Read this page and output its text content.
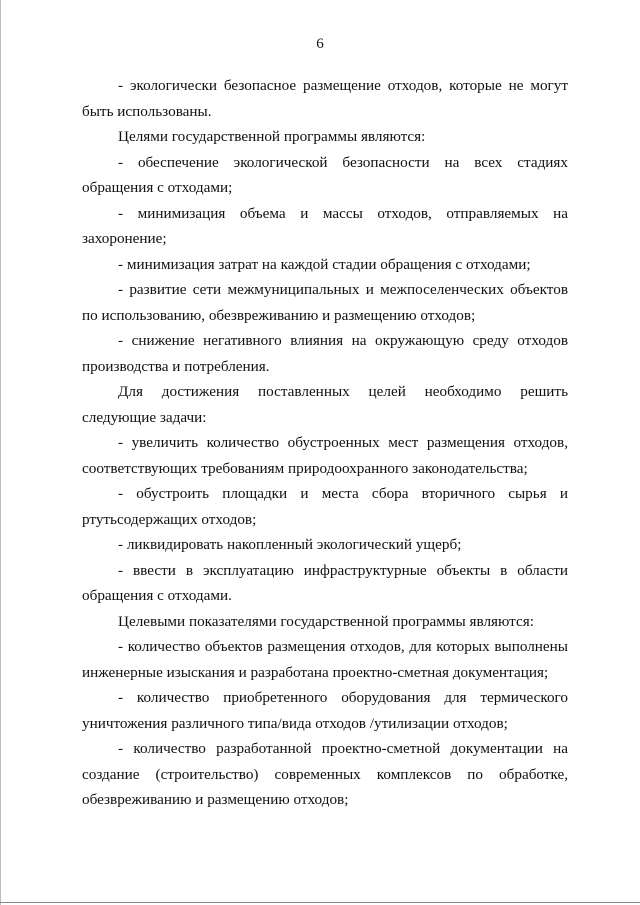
6

- экологически безопасное размещение отходов, которые не могут быть использованы.

Целями государственной программы являются:

- обеспечение экологической безопасности на всех стадиях обращения с отходами;

- минимизация объема и массы отходов, отправляемых на захоронение;

- минимизация затрат на каждой стадии обращения с отходами;

- развитие сети межмуниципальных и межпоселенческих объектов по использованию, обезвреживанию и размещению отходов;

- снижение негативного влияния на окружающую среду отходов производства и потребления.

Для достижения поставленных целей необходимо решить следующие задачи:

- увеличить количество обустроенных мест размещения отходов, соответствующих требованиям природоохранного законодательства;

- обустроить площадки и места сбора вторичного сырья и ртутьсодержащих отходов;

- ликвидировать накопленный экологический ущерб;

- ввести в эксплуатацию инфраструктурные объекты в области обращения с отходами.

Целевыми показателями государственной программы являются:

- количество объектов размещения отходов, для которых выполнены инженерные изыскания и разработана проектно-сметная документация;

- количество приобретенного оборудования для термического уничтожения различного типа/вида отходов /утилизации отходов;

- количество разработанной проектно-сметной документации на создание (строительство) современных комплексов по обработке, обезвреживанию и размещению отходов;
